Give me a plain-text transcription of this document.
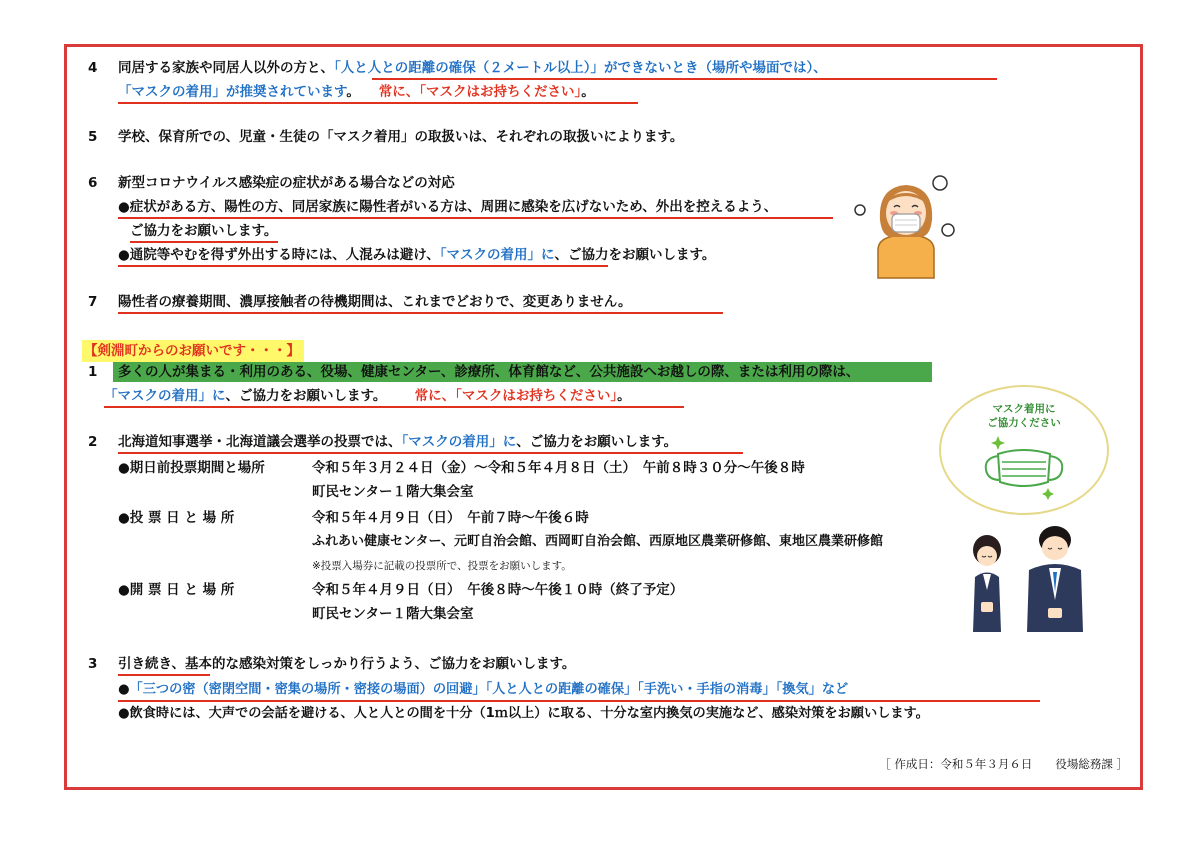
4 同居する家族や同居人以外の方と、「人と人との距離の確保（２メートル以上）」ができないとき（場所や場面では）、
「マスクの着用」が推奨されています。 常に、「マスクはお持ちください」。
5 学校、保育所での、児童・生徒の「マスク着用」の取扱いは、それぞれの取扱いによります。
6 新型コロナウイルス感染症の症状がある場合などの対応
●症状がある方、陽性の方、同居家族に陽性者がいる方は、周囲に感染を広げないため、外出を控えるよう、
ご協力をお願いします。
●通院等やむを得ず外出する時には、人混みは避け、「マスクの着用」に、ご協力をお願いします。
7 陽性者の療養期間、濃厚接触者の待機期間は、これまでどおりで、変更ありません。
【剣淵町からのお願いです・・・】
1 多くの人が集まる・利用のある、役場、健康センター、診療所、体育館など、公共施設へお越しの際、または利用の際は、
「マスクの着用」に、ご協力をお願いします。 常に、「マスクはお持ちください」。
2 北海道知事選挙・北海道議会選挙の投票では、「マスクの着用」に、ご協力をお願いします。
●期日前投票期間と場所	令和５年３月２４日（金）～令和５年４月８日（土）　午前８時３０分～午後８時
町民センター１階大集会室
●投 票 日 と 場 所	令和５年４月９日（日）　午前７時～午後６時
ふれあい健康センター、元町自治会館、西岡町自治会館、西原地区農業研修館、東地区農業研修館
※投票入場券に記載の投票所で、投票をお願いします。
●開 票 日 と 場 所	令和５年４月９日（日）　午後８時～午後１０時（終了予定）
町民センター１階大集会室
3 引き続き、基本的な感染対策をしっかり行うよう、ご協力をお願いします。
●「三つの密（密閉空間・密集の場所・密接の場面）の回避」「人と人との距離の確保」「手洗い・手指の消毒」「換気」など
●飲食時には、大声での会話を避ける、人と人との間を十分（1ｍ以上）に取る、十分な室内換気の実施など、感染対策をお願いします。
［ 作成日：令和５年３月６日　　役場総務課 ］
マスク着用に
ご協力ください
